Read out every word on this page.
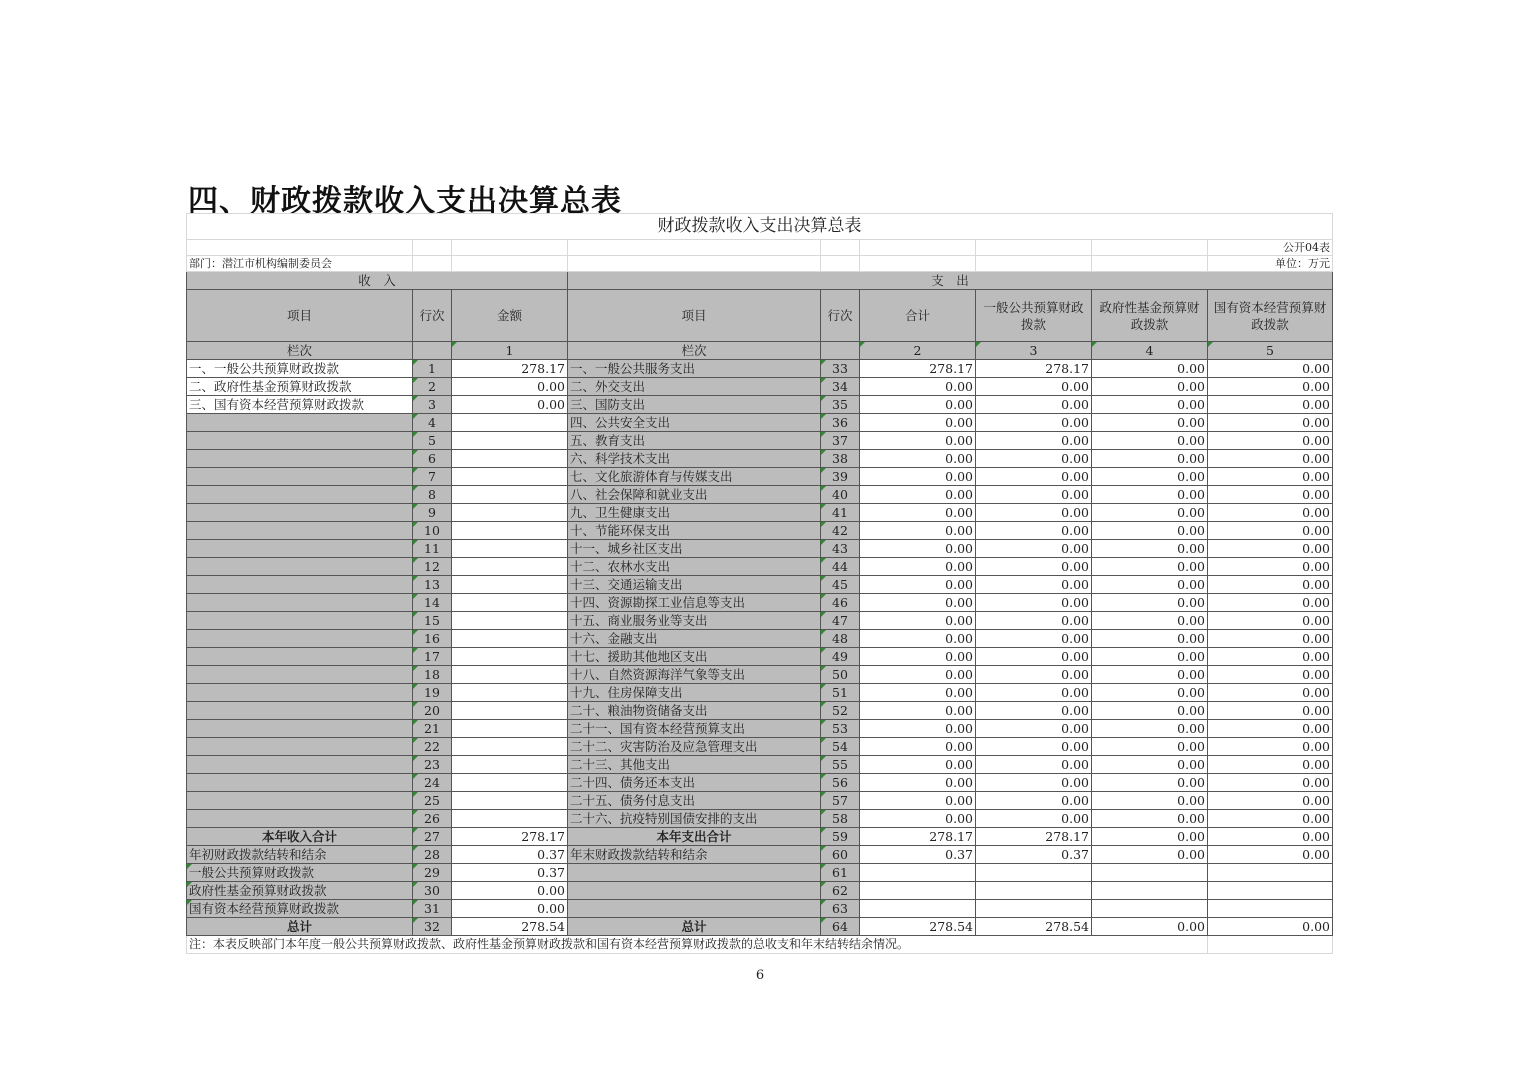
四、财政拨款收入支出决算总表
财政拨款收入支出决算总表								
								公开04表
部门：潜江市机构编制委员会								单位：万元
收　入			支　出					
项目	行次	金额	项目	行次	合计	一般公共预算财政拨款	政府性基金预算财政拨款	国有资本经营预算财政拨款
栏次		1	栏次		2	3	4	5
一、一般公共预算财政拨款	1	278.17	一、一般公共服务支出	33	278.17	278.17	0.00	0.00
二、政府性基金预算财政拨款	2	0.00	二、外交支出	34	0.00	0.00	0.00	0.00
三、国有资本经营预算财政拨款	3	0.00	三、国防支出	35	0.00	0.00	0.00	0.00
	4		四、公共安全支出	36	0.00	0.00	0.00	0.00
	5		五、教育支出	37	0.00	0.00	0.00	0.00
	6		六、科学技术支出	38	0.00	0.00	0.00	0.00
	7		七、文化旅游体育与传媒支出	39	0.00	0.00	0.00	0.00
	8		八、社会保障和就业支出	40	0.00	0.00	0.00	0.00
	9		九、卫生健康支出	41	0.00	0.00	0.00	0.00
	10		十、节能环保支出	42	0.00	0.00	0.00	0.00
	11		十一、城乡社区支出	43	0.00	0.00	0.00	0.00
	12		十二、农林水支出	44	0.00	0.00	0.00	0.00
	13		十三、交通运输支出	45	0.00	0.00	0.00	0.00
	14		十四、资源勘探工业信息等支出	46	0.00	0.00	0.00	0.00
	15		十五、商业服务业等支出	47	0.00	0.00	0.00	0.00
	16		十六、金融支出	48	0.00	0.00	0.00	0.00
	17		十七、援助其他地区支出	49	0.00	0.00	0.00	0.00
	18		十八、自然资源海洋气象等支出	50	0.00	0.00	0.00	0.00
	19		十九、住房保障支出	51	0.00	0.00	0.00	0.00
	20		二十、粮油物资储备支出	52	0.00	0.00	0.00	0.00
	21		二十一、国有资本经营预算支出	53	0.00	0.00	0.00	0.00
	22		二十二、灾害防治及应急管理支出	54	0.00	0.00	0.00	0.00
	23		二十三、其他支出	55	0.00	0.00	0.00	0.00
	24		二十四、债务还本支出	56	0.00	0.00	0.00	0.00
	25		二十五、债务付息支出	57	0.00	0.00	0.00	0.00
	26		二十六、抗疫特别国债安排的支出	58	0.00	0.00	0.00	0.00
本年收入合计	27	278.17	本年支出合计	59	278.17	278.17	0.00	0.00
年初财政拨款结转和结余	28	0.37	年末财政拨款结转和结余	60	0.37	0.37	0.00	0.00
一般公共预算财政拨款	29	0.37		61				
政府性基金预算财政拨款	30	0.00		62				
国有资本经营预算财政拨款	31	0.00		63				
总计	32	278.54	总计	64	278.54	278.54	0.00	0.00
注：本表反映部门本年度一般公共预算财政拨款、政府性基金预算财政拨款和国有资本经营预算财政拨款的总收支和年末结转结余情况。								
6
